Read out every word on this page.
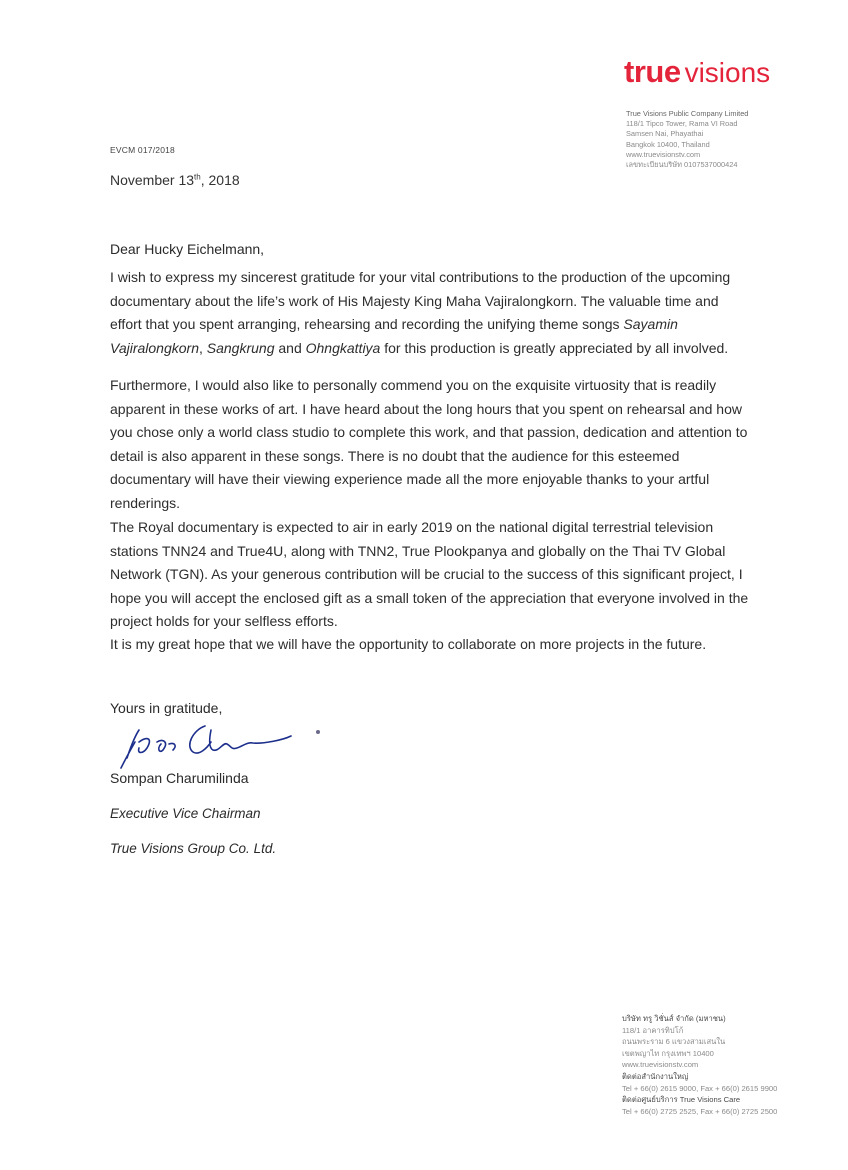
true visions
True Visions Public Company Limited
118/1 Tipco Tower, Rama VI Road
Samsen Nai, Phayathai
Bangkok 10400, Thailand
www.truevisionstv.com
เลขทะเบียนบริษัท 0107537000424
EVCM 017/2018
November 13th, 2018
Dear Hucky Eichelmann,
I wish to express my sincerest gratitude for your vital contributions to the production of the upcoming documentary about the life’s work of His Majesty King Maha Vajiralongkorn. The valuable time and effort that you spent arranging, rehearsing and recording the unifying theme songs Sayamin Vajiralongkorn, Sangkrung and Ohngkattiya for this production is greatly appreciated by all involved.
Furthermore, I would also like to personally commend you on the exquisite virtuosity that is readily apparent in these works of art. I have heard about the long hours that you spent on rehearsal and how you chose only a world class studio to complete this work, and that passion, dedication and attention to detail is also apparent in these songs. There is no doubt that the audience for this esteemed documentary will have their viewing experience made all the more enjoyable thanks to your artful renderings.
The Royal documentary is expected to air in early 2019 on the national digital terrestrial television stations TNN24 and True4U, along with TNN2, True Plookpanya and globally on the Thai TV Global Network (TGN). As your generous contribution will be crucial to the success of this significant project, I hope you will accept the enclosed gift as a small token of the appreciation that everyone involved in the project holds for your selfless efforts.
It is my great hope that we will have the opportunity to collaborate on more projects in the future.
Yours in gratitude,
Sompan Charumilinda
Executive Vice Chairman
True Visions Group Co. Ltd.
บริษัท ทรู วิชั่นส์ จำกัด (มหาชน)
118/1 อาคารทิปโก้
ถนนพระราม 6 แขวงสามเสนใน
เขตพญาไท กรุงเทพฯ 10400
www.truevisionstv.com
ติดต่อสำนักงานใหญ่
Tel + 66(0) 2615 9000, Fax + 66(0) 2615 9900
ติดต่อศูนย์บริการ True Visions Care
Tel + 66(0) 2725 2525, Fax + 66(0) 2725 2500
